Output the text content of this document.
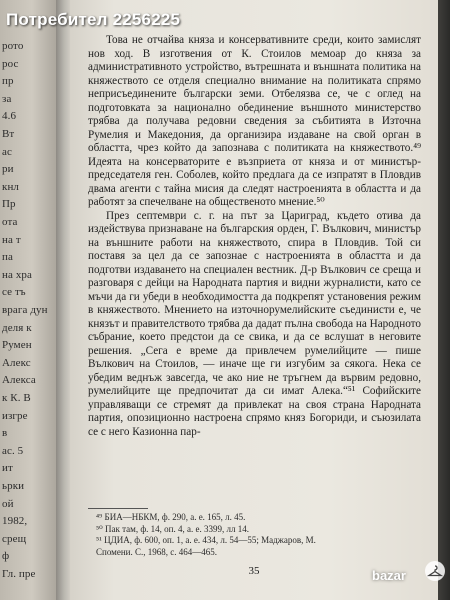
рото
рос
пр
за
4.6
Вт
ас
ри
кнл
Пр
ота
на т
па
на хра
се тъ
врага дун
деля к
Румен
Алекс
Алекса
к К. В
изгре
в
ас. 5
ит
ьрки
ой
1982,
срещ
ф
Гл. пре

Това не отчайва княза и консервативните среди, които замислят нов ход. В изготвения от К. Стоилов мемоар до княза за административното устройство, вътрешната и външната политика на княжеството се отделя специално внимание на политиката спрямо неприсъединените български земи. Отбелязва се, че с оглед на подготовката за национално обединение външното министерство трябва да получава редовни сведения за събитията в Източна Румелия и Македония, да организира издаване на свой орган в областта, чрез който да запознава с политиката на княжеството.⁴⁹ Идеята на консерваторите е възприета от княза и от министър-председателя ген. Соболев, който предлага да се изпратят в Пловдив двама агенти с тайна мисия да следят настроенията в областта и да работят за спечелване на общественото мнение.⁵⁰

През септември с. г. на път за Цариград, където отива да издействува признаване на българския орден, Г. Вълкович, министър на външните работи на княжеството, спира в Пловдив. Той си поставя за цел да се запознае с настроенията в областта и да подготви издаването на специален вестник. Д-р Вълкович се среща и разговаря с дейци на Народната партия и видни журналисти, като се мъчи да ги убеди в необходимостта да подкрепят установения режим в княжеството. Мнението на източнорумелийските съединисти е, че князът и правителството трябва да дадат пълна свобода на Народното събрание, което предстои да се свика, и да се вслушат в неговите решения. „Сега е време да привлечем румелийците — пише Вълкович на Стоилов, — иначе ще ги изгубим за сякога. Нека се убедим веднъж завсегда, че ако ние не тръгнем да вървим редовно, румелийците ще предпочитат да си имат Алека.“⁵¹ Софийските управляващи се стремят да привлекат на своя страна Народната партия, опозиционно настроена спрямо княз Богориди, и съюзилата се с него Казионна пар-

⁴⁹ БИА—НБКМ, ф. 290, а. е. 165, л. 45.
⁵⁰ Пак там, ф. 14, оп. 4, а. е. 3399, лл 14.
⁵¹ ЦДИА, ф. 600, оп. 1, а. е. 434, л. 54—55; Маджаров, М.
Спомени. С., 1968, с. 464—465.
35
Потребител 2256225
bazar
